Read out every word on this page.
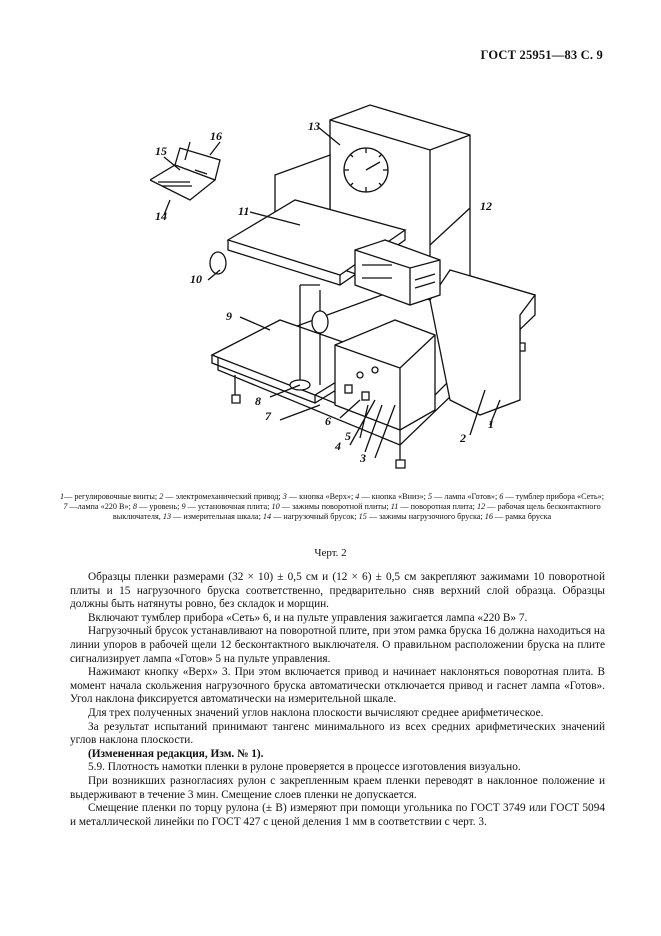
ГОСТ 25951—83 С. 9
15
16
14
13
11	12
10
9
8
7	6
5
4
3
2
1
1— регулировочные винты; 2 — электромеханический привод; 3 — кнопка «Верх»; 4 — кнопка «Вниз»; 5 — лампа «Готов»; 6 — тумблер прибора «Сеть»; 7 —лампа «220 В»; 8 — уровень; 9 — установочная плита; 10 — зажимы поворотной плиты; 11 — поворотная плита; 12 — рабочая щель бесконтактного выключателя, 13 — измерительная шкала; 14 — нагрузочный брусок; 15 — зажимы нагрузочного бруска; 16 — рамка бруска
Черт. 2

Образцы пленки размерами (32 × 10) ± 0,5 см и (12 × 6) ± 0,5 см закрепляют зажимами 10 поворотной плиты и 15 нагрузочного бруска соответственно, предварительно сняв верхний слой образца. Образцы должны быть натянуты ровно, без складок и морщин.

Включают тумблер прибора «Сеть» 6, и на пульте управления зажигается лампа «220 В» 7.

Нагрузочный брусок устанавливают на поворотной плите, при этом рамка бруска 16 должна находиться на линии упоров в рабочей щели 12 бесконтактного выключателя. О правильном расположении бруска на плите сигнализирует лампа «Готов» 5 на пульте управления.

Нажимают кнопку «Верх» 3. При этом включается привод и начинает наклоняться поворотная плита. В момент начала скольжения нагрузочного бруска автоматически отключается привод и гаснет лампа «Готов». Угол наклона фиксируется автоматически на измерительной шкале.

Для трех полученных значений углов наклона плоскости вычисляют среднее арифметическое.

За результат испытаний принимают тангенс минимального из всех средних арифметических значений углов наклона плоскости.

(Измененная редакция, Изм. № 1).

5.9. Плотность намотки пленки в рулоне проверяется в процессе изготовления визуально.

При возникших разногласиях рулон с закрепленным краем пленки переводят в наклонное положение и выдерживают в течение 3 мин. Смещение слоев пленки не допускается.

Смещение пленки по торцу рулона (± В) измеряют при помощи угольника по ГОСТ 3749 или ГОСТ 5094 и металлической линейки по ГОСТ 427 с ценой деления 1 мм в соответствии с черт. 3.
